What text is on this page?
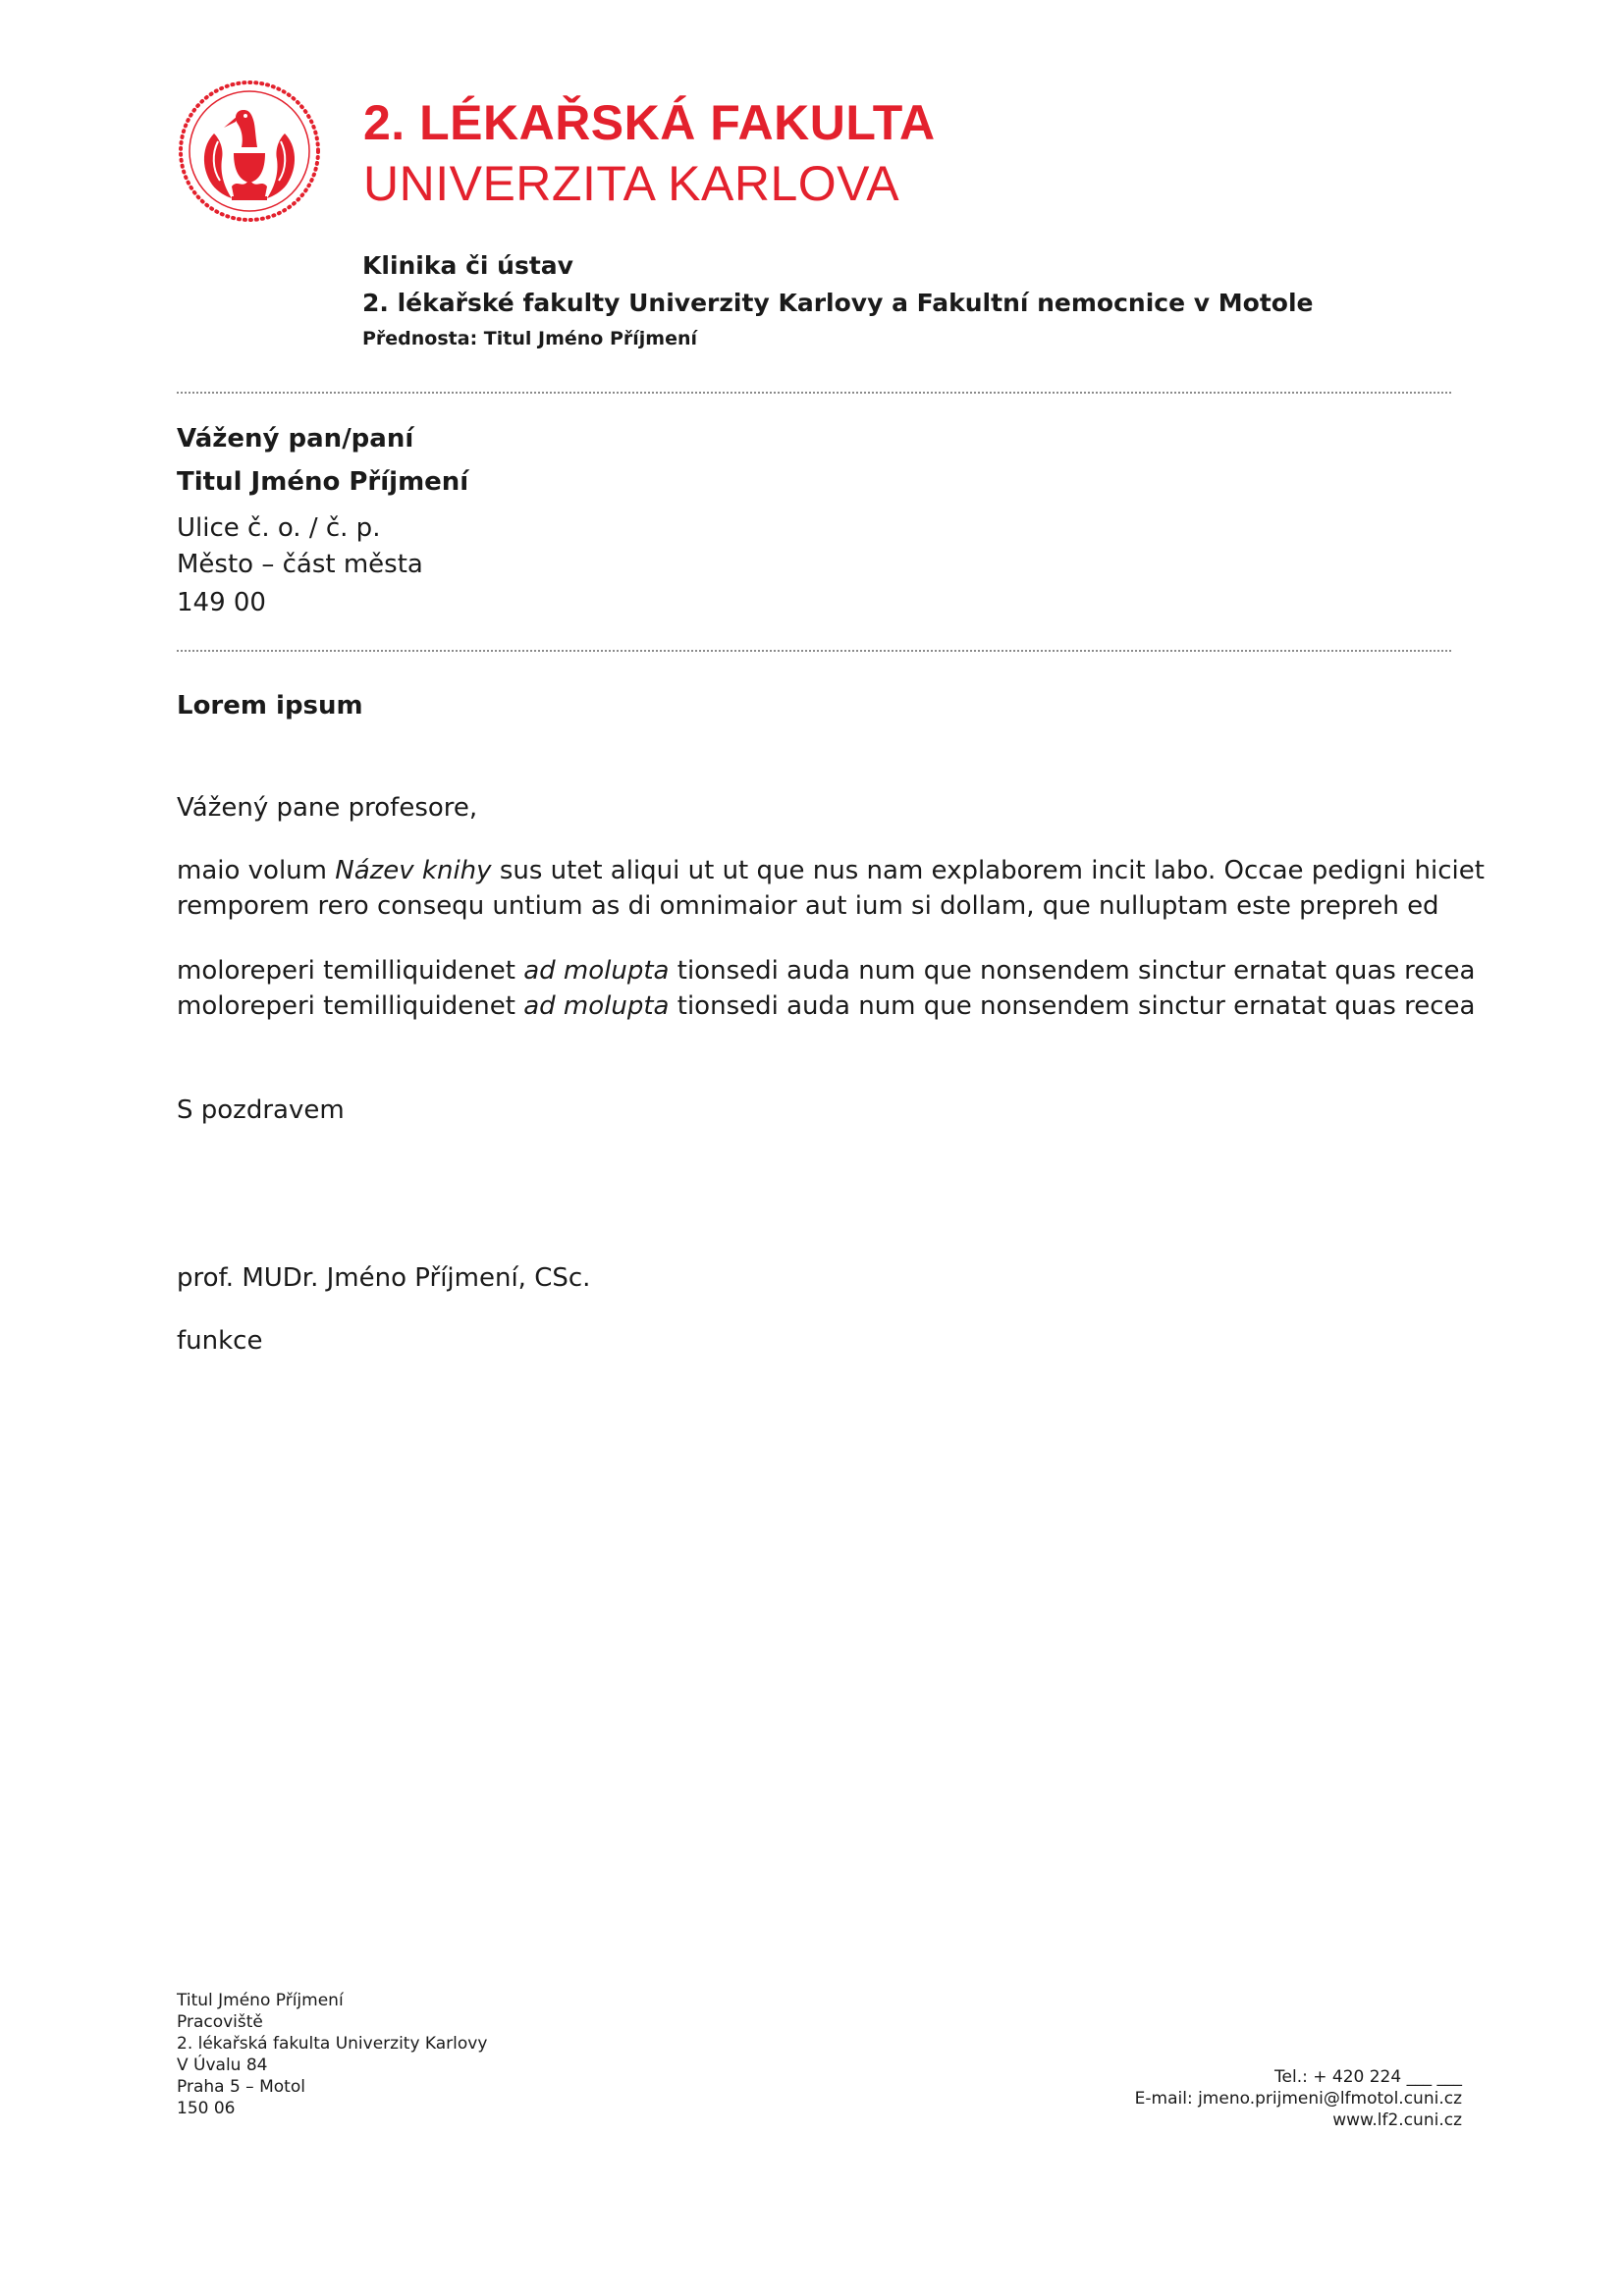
2. LÉKAŘSKÁ FAKULTA
UNIVERZITA KARLOVA
Klinika či ústav
2. lékařské fakulty Univerzity Karlovy a Fakultní nemocnice v Motole
Přednosta: Titul Jméno Příjmení
Vážený pan/paní
Titul Jméno Příjmení
Ulice č. o. / č. p.
Město – část města
149 00
Lorem ipsum
Vážený pane profesore,
maio volum Název knihy sus utet aliqui ut ut que nus nam explaborem incit labo. Occae pedigni hiciet
remporem rero consequ untium as di omnimaior aut ium si dollam, que nulluptam este prepreh ed
moloreperi temilliquidenet ad molupta tionsedi auda num que nonsendem sinctur ernatat quas recea
moloreperi temilliquidenet ad molupta tionsedi auda num que nonsendem sinctur ernatat quas recea
S pozdravem
prof. MUDr. Jméno Příjmení, CSc.
funkce
Titul Jméno Příjmení
Pracoviště
2. lékařská fakulta Univerzity Karlovy
V Úvalu 84
Praha 5 – Motol
150 06
Tel.: + 420 224 ___ ___
E-mail: jmeno.prijmeni@lfmotol.cuni.cz
www.lf2.cuni.cz
